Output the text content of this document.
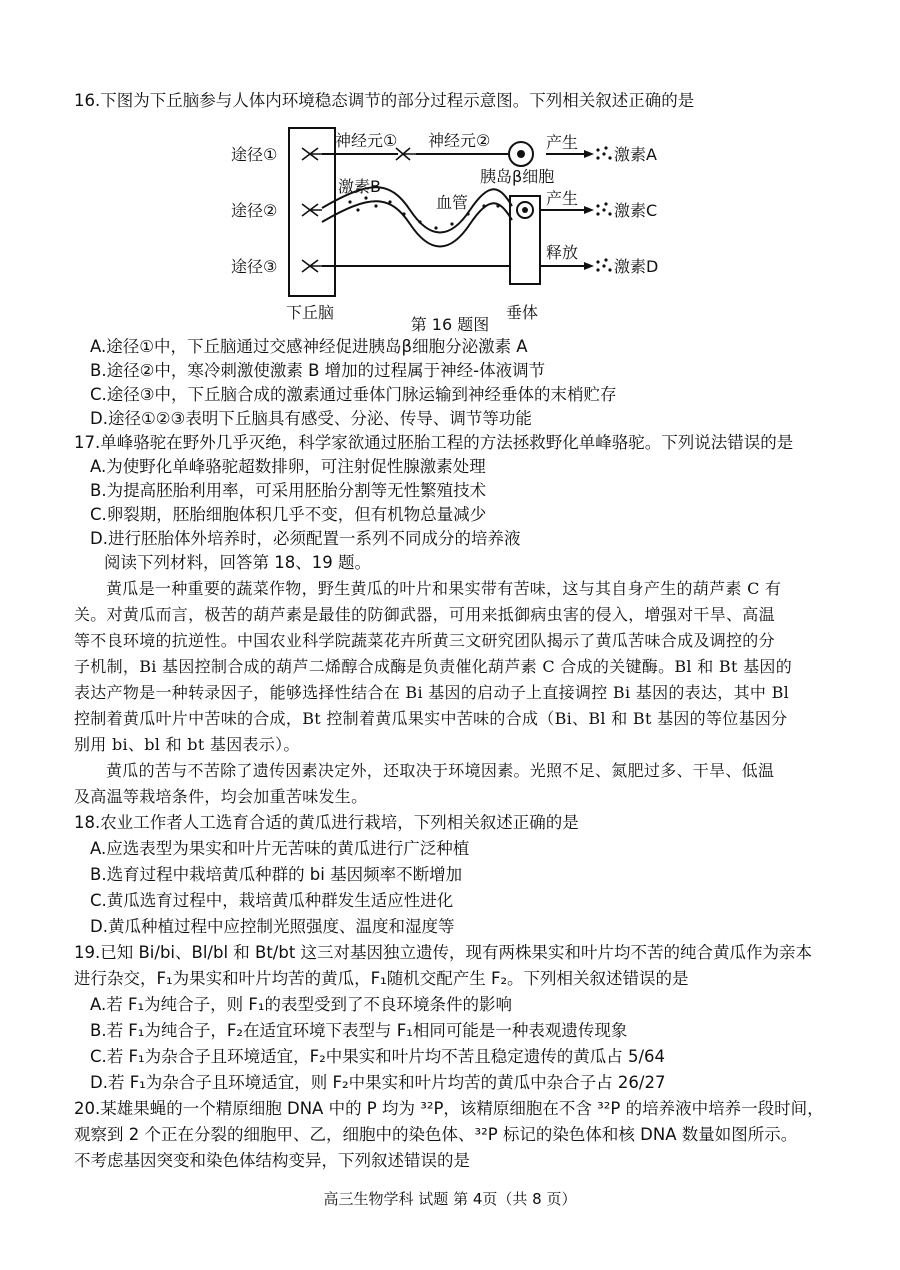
16.下图为下丘脑参与人体内环境稳态调节的部分过程示意图。下列相关叙述正确的是
途径①
途径②
途径③
神经元① 神经元②	产生
胰岛β细胞
激素A
激素B
血管	产生
激素C
释放
激素D
下丘脑	垂体
第 16 题图
A.途径①中，下丘脑通过交感神经促进胰岛β细胞分泌激素 A
B.途径②中，寒冷刺激使激素 B 增加的过程属于神经-体液调节
C.途径③中，下丘脑合成的激素通过垂体门脉运输到神经垂体的末梢贮存
D.途径①②③表明下丘脑具有感受、分泌、传导、调节等功能
17.单峰骆驼在野外几乎灭绝，科学家欲通过胚胎工程的方法拯救野化单峰骆驼。下列说法错误的是
A.为使野化单峰骆驼超数排卵，可注射促性腺激素处理
B.为提高胚胎利用率，可采用胚胎分割等无性繁殖技术
C.卵裂期，胚胎细胞体积几乎不变，但有机物总量减少
D.进行胚胎体外培养时，必须配置一系列不同成分的培养液
阅读下列材料，回答第 18、19 题。
黄瓜是一种重要的蔬菜作物，野生黄瓜的叶片和果实带有苦味，这与其自身产生的葫芦素 C 有
关。对黄瓜而言，极苦的葫芦素是最佳的防御武器，可用来抵御病虫害的侵入，增强对干旱、高温
等不良环境的抗逆性。中国农业科学院蔬菜花卉所黄三文研究团队揭示了黄瓜苦味合成及调控的分
子机制，Bi 基因控制合成的葫芦二烯醇合成酶是负责催化葫芦素 C 合成的关键酶。Bl 和 Bt 基因的
表达产物是一种转录因子，能够选择性结合在 Bi 基因的启动子上直接调控 Bi 基因的表达，其中 Bl
控制着黄瓜叶片中苦味的合成，Bt 控制着黄瓜果实中苦味的合成（Bi、Bl 和 Bt 基因的等位基因分
别用 bi、bl 和 bt 基因表示）。
黄瓜的苦与不苦除了遗传因素决定外，还取决于环境因素。光照不足、氮肥过多、干旱、低温
及高温等栽培条件，均会加重苦味发生。
18.农业工作者人工选育合适的黄瓜进行栽培，下列相关叙述正确的是
A.应选表型为果实和叶片无苦味的黄瓜进行广泛种植
B.选育过程中栽培黄瓜种群的 bi 基因频率不断增加
C.黄瓜选育过程中，栽培黄瓜种群发生适应性进化
D.黄瓜种植过程中应控制光照强度、温度和湿度等
19.已知 Bi/bi、Bl/bl 和 Bt/bt 这三对基因独立遗传，现有两株果实和叶片均不苦的纯合黄瓜作为亲本
进行杂交，F₁为果实和叶片均苦的黄瓜，F₁随机交配产生 F₂。下列相关叙述错误的是
A.若 F₁为纯合子，则 F₁的表型受到了不良环境条件的影响
B.若 F₁为纯合子，F₂在适宜环境下表型与 F₁相同可能是一种表观遗传现象
C.若 F₁为杂合子且环境适宜，F₂中果实和叶片均不苦且稳定遗传的黄瓜占 5/64
D.若 F₁为杂合子且环境适宜，则 F₂中果实和叶片均苦的黄瓜中杂合子占 26/27
20.某雄果蝇的一个精原细胞 DNA 中的 P 均为 ³²P，该精原细胞在不含 ³²P 的培养液中培养一段时间，
观察到 2 个正在分裂的细胞甲、乙，细胞中的染色体、³²P 标记的染色体和核 DNA 数量如图所示。
不考虑基因突变和染色体结构变异，下列叙述错误的是
高三生物学科 试题 第 4页（共 8 页）
